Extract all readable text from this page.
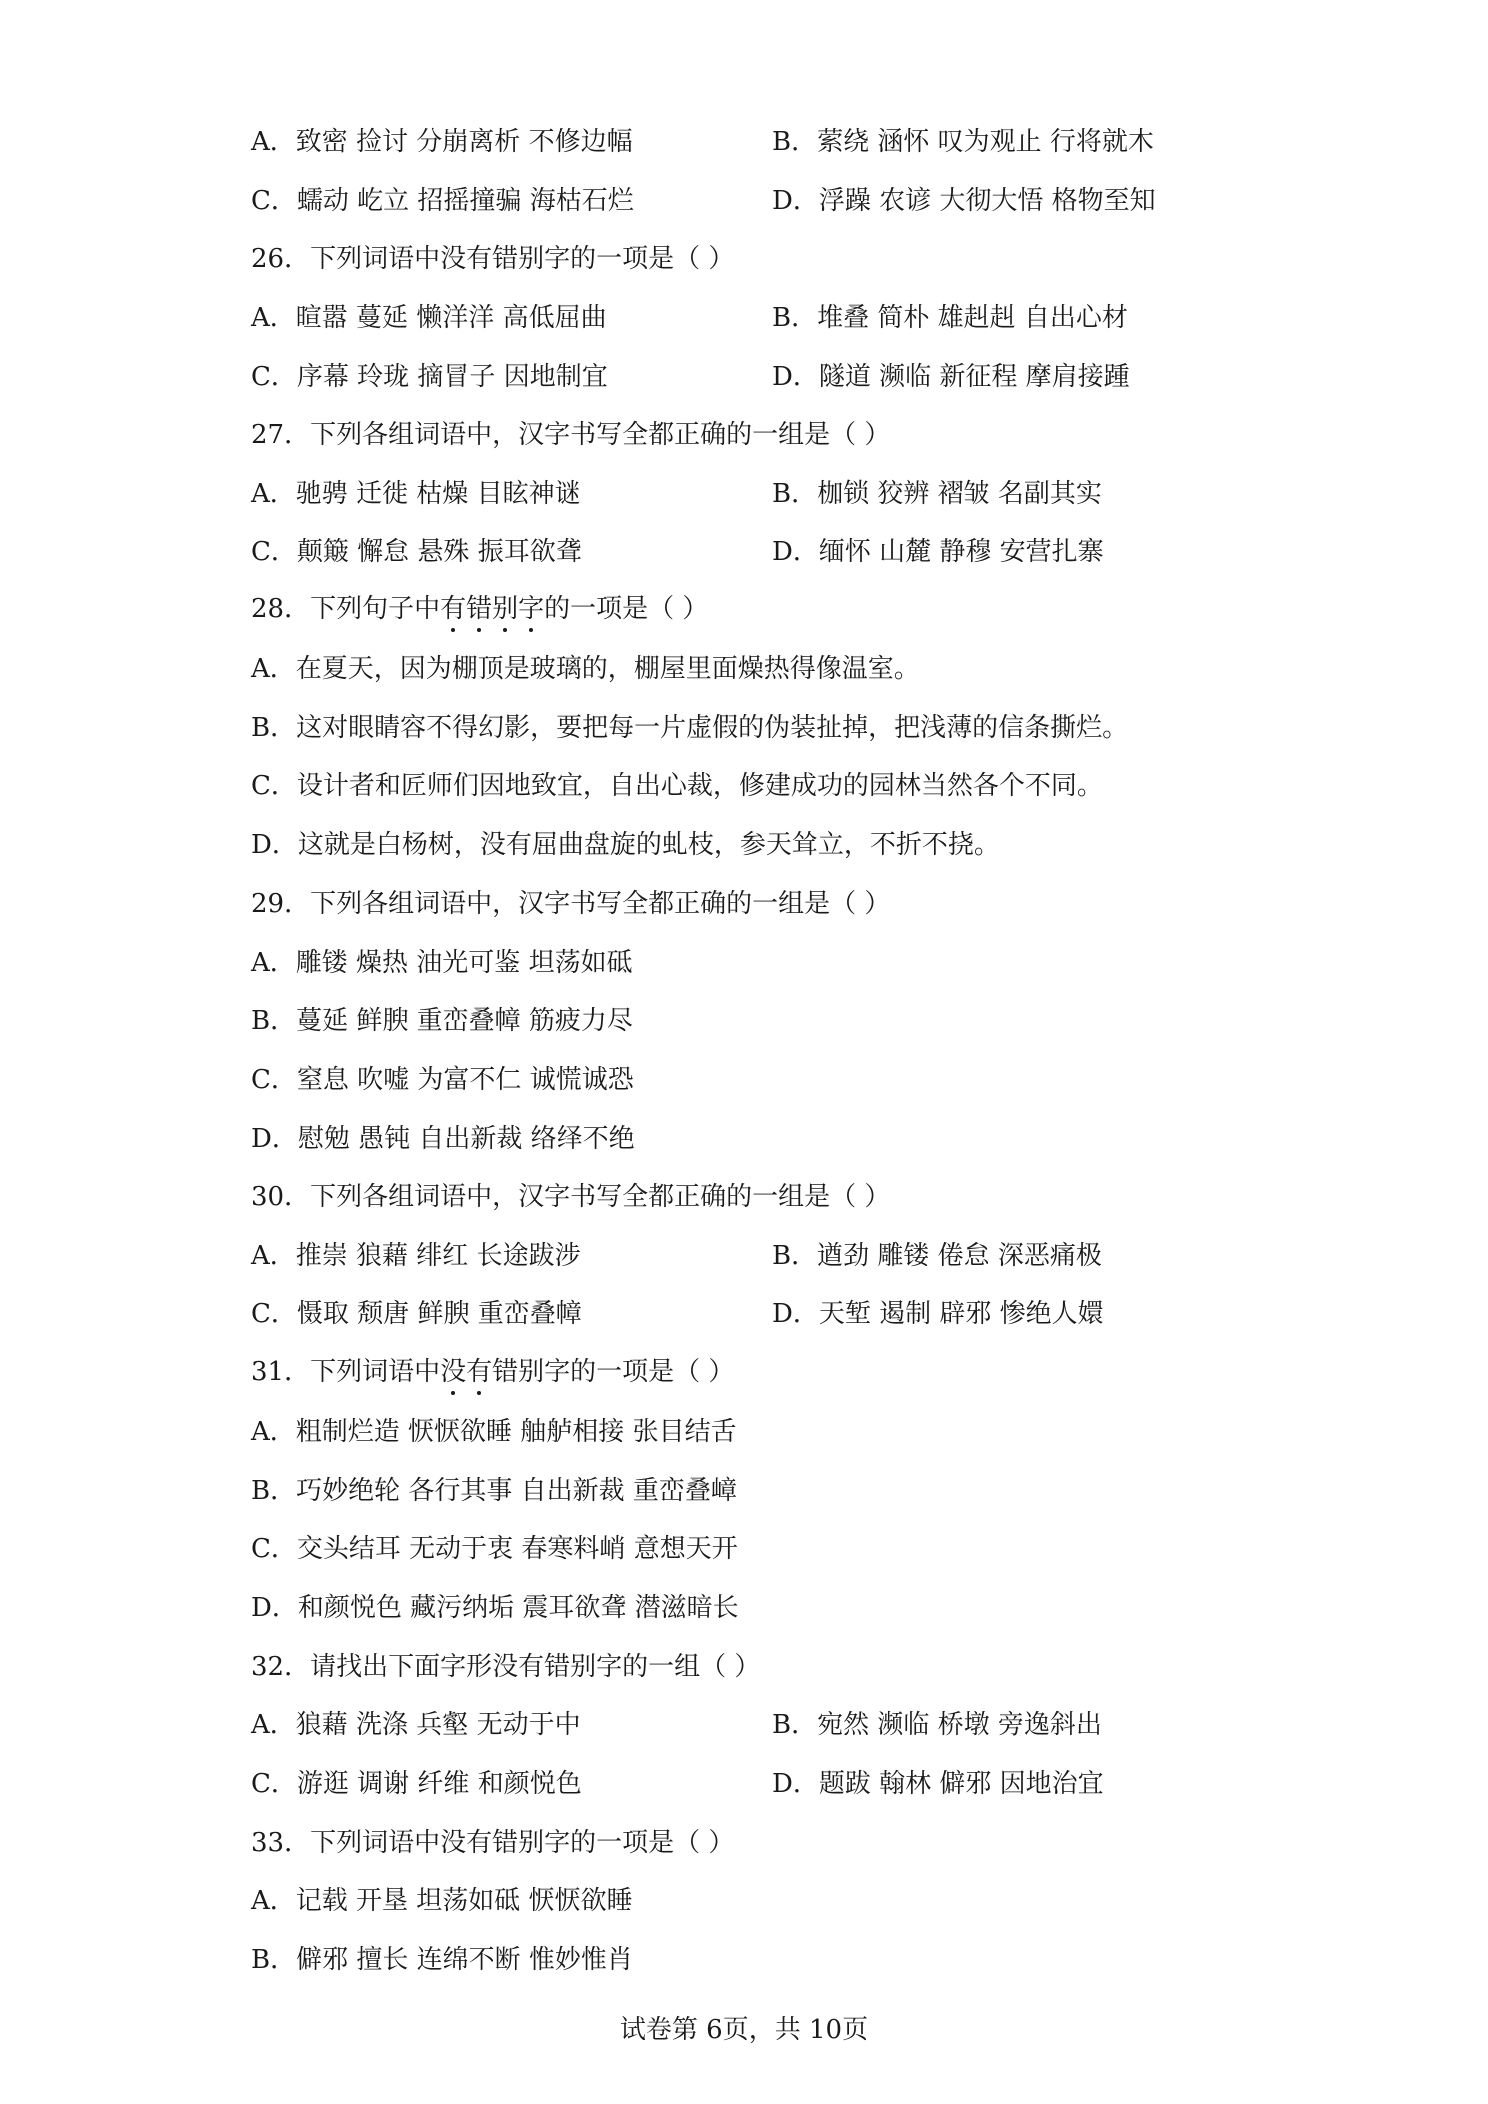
A．致密 捡讨 分崩离析 不修边幅	B．萦绕 涵怀 叹为观止 行将就木
C．蠕动 屹立 招摇撞骗 海枯石烂	D．浮躁 农谚 大彻大悟 格物至知
26．下列词语中没有错别字的一项是（ ）
A．暄嚣 蔓延 懒洋洋 高低屈曲	B．堆叠 简朴 雄赳赳 自出心材
C．序幕 玲珑 摘冒子 因地制宜	D．隧道 濒临 新征程 摩肩接踵
27．下列各组词语中，汉字书写全都正确的一组是（ ）
A．驰骋 迁徙 枯燥 目眩神谜	B．枷锁 狡辨 褶皱 名副其实
C．颠簸 懈怠 悬殊 振耳欲聋	D．缅怀 山麓 静穆 安营扎寨
28．下列句子中有错别字的一项是（ ）
A．在夏天，因为棚顶是玻璃的，棚屋里面燥热得像温室。
B．这对眼睛容不得幻影，要把每一片虚假的伪装扯掉，把浅薄的信条撕烂。
C．设计者和匠师们因地致宜，自出心裁，修建成功的园林当然各个不同。
D．这就是白杨树，没有屈曲盘旋的虬枝，参天耸立，不折不挠。
29．下列各组词语中，汉字书写全都正确的一组是（ ）
A．雕镂 燥热 油光可鉴 坦荡如砥
B．蔓延 鲜腴 重峦叠幛 筋疲力尽
C．窒息 吹嘘 为富不仁 诚慌诚恐
D．慰勉 愚钝 自出新裁 络绎不绝
30．下列各组词语中，汉字书写全都正确的一组是（ ）
A．推崇 狼藉 绯红 长途跋涉	B．遒劲 雕镂 倦怠 深恶痛极
C．慑取 颓唐 鲜腴 重峦叠幛	D．天堑 遏制 辟邪 惨绝人嬛
31．下列词语中没有错别字的一项是（ ）
A．粗制烂造 恹恹欲睡 舳舻相接 张目结舌
B．巧妙绝轮 各行其事 自出新裁 重峦叠嶂
C．交头结耳 无动于衷 春寒料峭 意想天开
D．和颜悦色 藏污纳垢 震耳欲聋 潜滋暗长
32．请找出下面字形没有错别字的一组（ ）
A．狼藉 洗涤 兵壑 无动于中	B．宛然 濒临 桥墩 旁逸斜出
C．游逛 调谢 纤维 和颜悦色	D．题跋 翰林 僻邪 因地治宜
33．下列词语中没有错别字的一项是（ ）
A．记载 开垦 坦荡如砥 恹恹欲睡
B．僻邪 擅长 连绵不断 惟妙惟肖
试卷第 6页，共 10页
